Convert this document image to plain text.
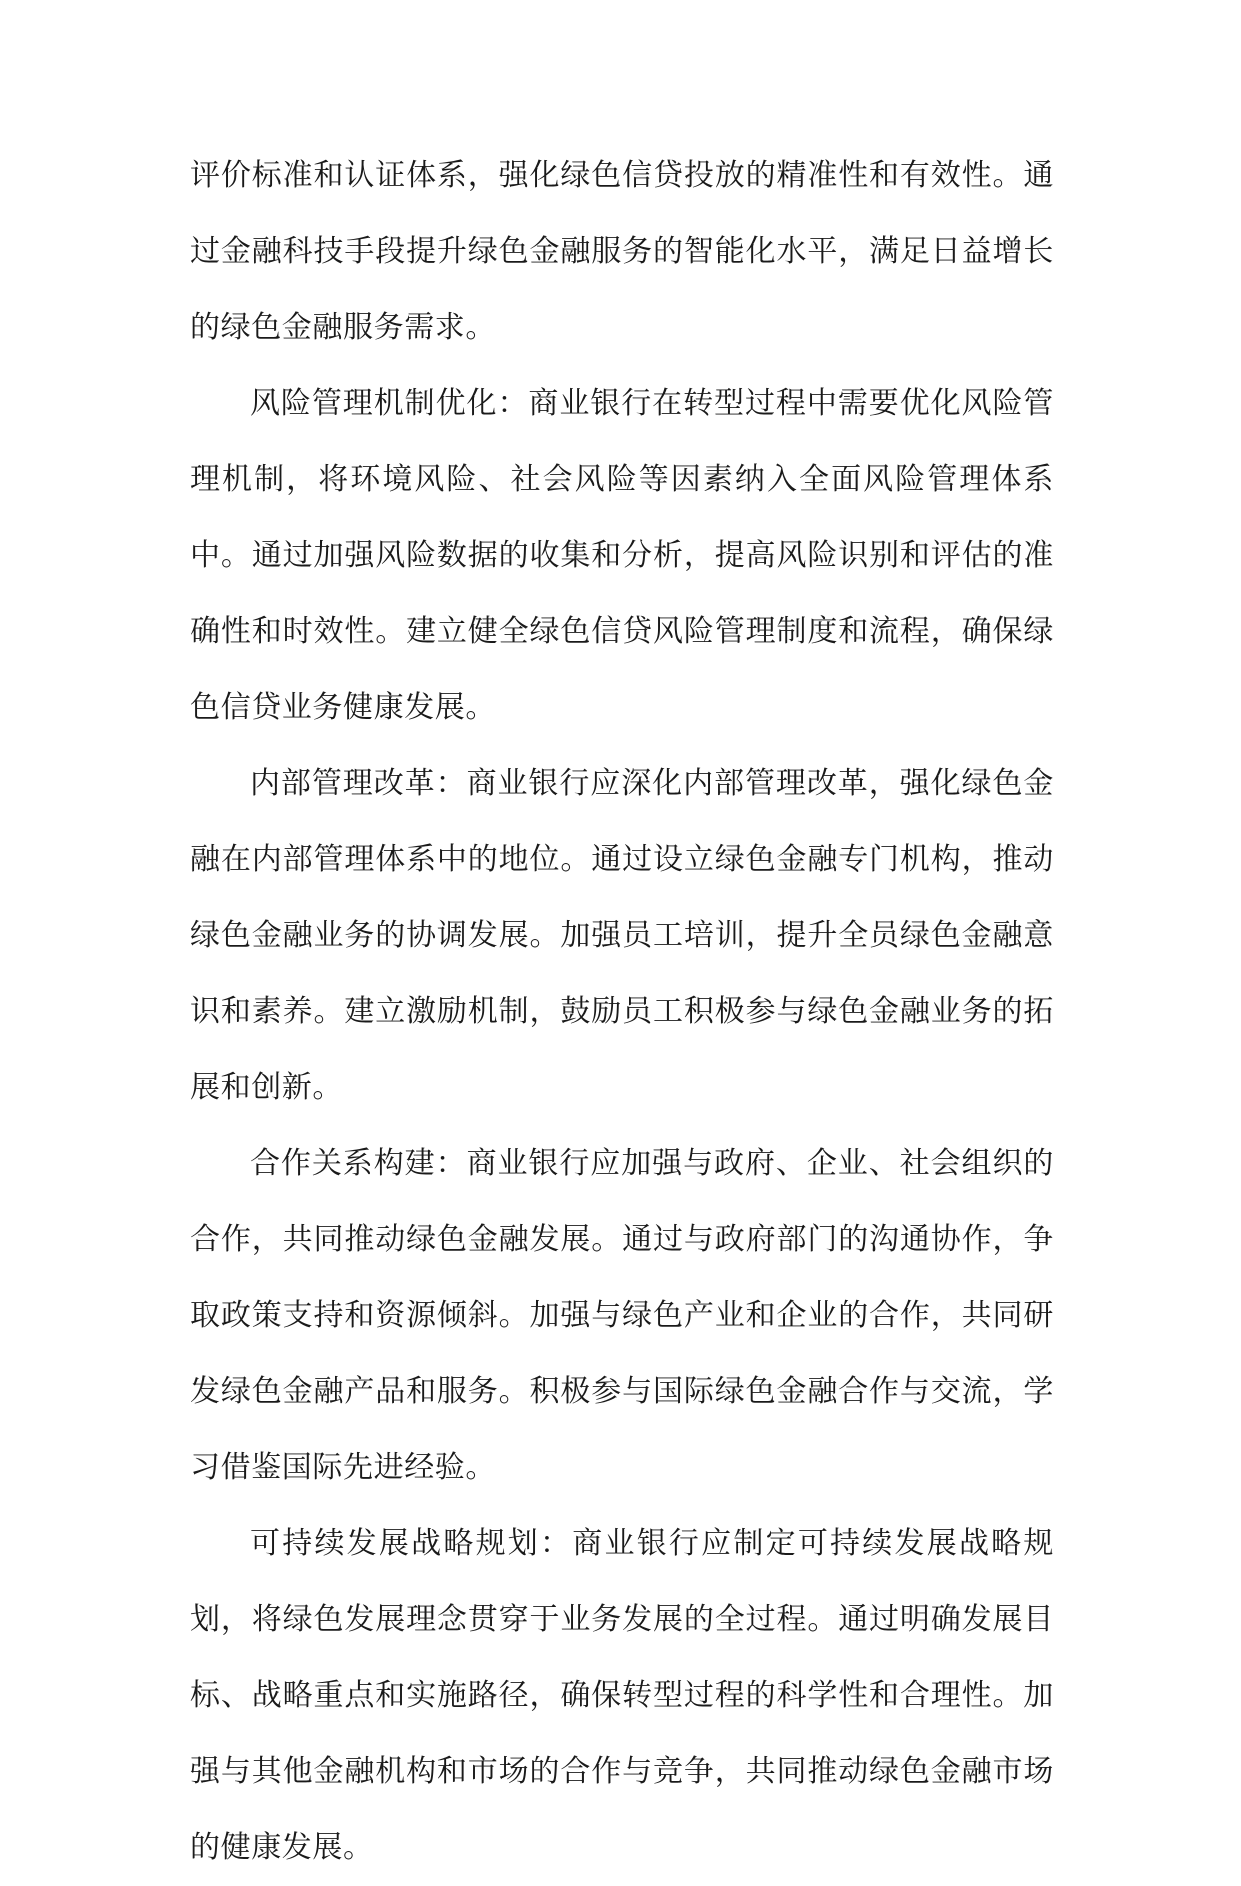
评价标准和认证体系，强化绿色信贷投放的精准性和有效性。通过金融科技手段提升绿色金融服务的智能化水平，满足日益增长的绿色金融服务需求。

风险管理机制优化：商业银行在转型过程中需要优化风险管理机制，将环境风险、社会风险等因素纳入全面风险管理体系中。通过加强风险数据的收集和分析，提高风险识别和评估的准确性和时效性。建立健全绿色信贷风险管理制度和流程，确保绿色信贷业务健康发展。

内部管理改革：商业银行应深化内部管理改革，强化绿色金融在内部管理体系中的地位。通过设立绿色金融专门机构，推动绿色金融业务的协调发展。加强员工培训，提升全员绿色金融意识和素养。建立激励机制，鼓励员工积极参与绿色金融业务的拓展和创新。

合作关系构建：商业银行应加强与政府、企业、社会组织的合作，共同推动绿色金融发展。通过与政府部门的沟通协作，争取政策支持和资源倾斜。加强与绿色产业和企业的合作，共同研发绿色金融产品和服务。积极参与国际绿色金融合作与交流，学习借鉴国际先进经验。

可持续发展战略规划：商业银行应制定可持续发展战略规划，将绿色发展理念贯穿于业务发展的全过程。通过明确发展目标、战略重点和实施路径，确保转型过程的科学性和合理性。加强与其他金融机构和市场的合作与竞争，共同推动绿色金融市场的健康发展。
